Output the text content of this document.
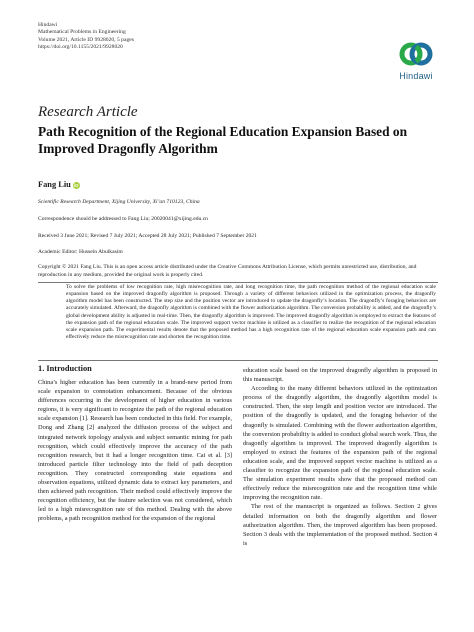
Hindawi
Mathematical Problems in Engineering
Volume 2021, Article ID 9928020, 5 pages
https://doi.org/10.1155/2021/9928020
Hindawi
Research Article
Path Recognition of the Regional Education Expansion Based on Improved Dragonfly Algorithm
Fang Liu iD
Scientific Research Department, Xijing University, Xi’an 710123, China
Correspondence should be addressed to Fang Liu; 20020041@xijing.edu.cn
Received 3 June 2021; Revised 7 July 2021; Accepted 28 July 2021; Published 7 September 2021
Academic Editor: Hussein Abulkasim
Copyright © 2021 Fang Liu. This is an open access article distributed under the Creative Commons Attribution License, which permits unrestricted use, distribution, and reproduction in any medium, provided the original work is properly cited.
To solve the problems of low recognition rate, high misrecognition rate, and long recognition time, the path recognition method of the regional education scale expansion based on the improved dragonfly algorithm is proposed. Through a variety of different behaviors utilized in the optimization process, the dragonfly algorithm model has been constructed. The step size and the position vector are introduced to update the dragonfly’s location. The dragonfly’s foraging behaviors are accurately simulated. Afterward, the dragonfly algorithm is combined with the flower authorization algorithm. The conversion probability is added, and the dragonfly’s global development ability is adjusted in real-time. Then, the dragonfly algorithm is improved. The improved dragonfly algorithm is employed to extract the features of the expansion path of the regional education scale. The improved support vector machine is utilized as a classifier to realize the recognition of the regional education scale expansion path. The experimental results denote that the proposed method has a high recognition rate of the regional education scale expansion path and can effectively reduce the misrecognition rate and shorten the recognition time.
1. Introduction

China’s higher education has been currently in a brand-new period from scale expansion to connotation enhancement. Because of the obvious differences occurring in the development of higher education in various regions, it is very significant to recognize the path of the regional education scale expansion [1]. Research has been conducted in this field. For example, Dong and Zhang [2] analyzed the diffusion process of the subject and integrated network topology analysis and subject semantic mining for path recognition, which could effectively improve the accuracy of the path recognition research, but it had a longer recognition time. Cai et al. [3] introduced particle filter technology into the field of path deception recognition. They constructed corresponding state equations and observation equations, utilized dynamic data to extract key parameters, and then achieved path recognition. Their method could effectively improve the recognition efficiency, but the feature selection was not considered, which led to a high misrecognition rate of this method. Dealing with the above problems, a path recognition method for the expansion of the regional

education scale based on the improved dragonfly algorithm is proposed in this manuscript.

According to the many different behaviors utilized in the optimization process of the dragonfly algorithm, the dragonfly algorithm model is constructed. Then, the step length and position vector are introduced. The position of the dragonfly is updated, and the foraging behavior of the dragonfly is simulated. Combining with the flower authorization algorithm, the conversion probability is added to conduct global search work. Thus, the dragonfly algorithm is improved. The improved dragonfly algorithm is employed to extract the features of the expansion path of the regional education scale, and the improved support vector machine is utilized as a classifier to recognize the expansion path of the regional education scale. The simulation experiment results show that the proposed method can effectively reduce the misrecognition rate and the recognition time while improving the recognition rate.

The rest of the manuscript is organized as follows. Section 2 gives detailed information on both the dragonfly algorithm and flower authorization algorithm. Then, the improved algorithm has been proposed. Section 3 deals with the implementation of the proposed method. Section 4 is
